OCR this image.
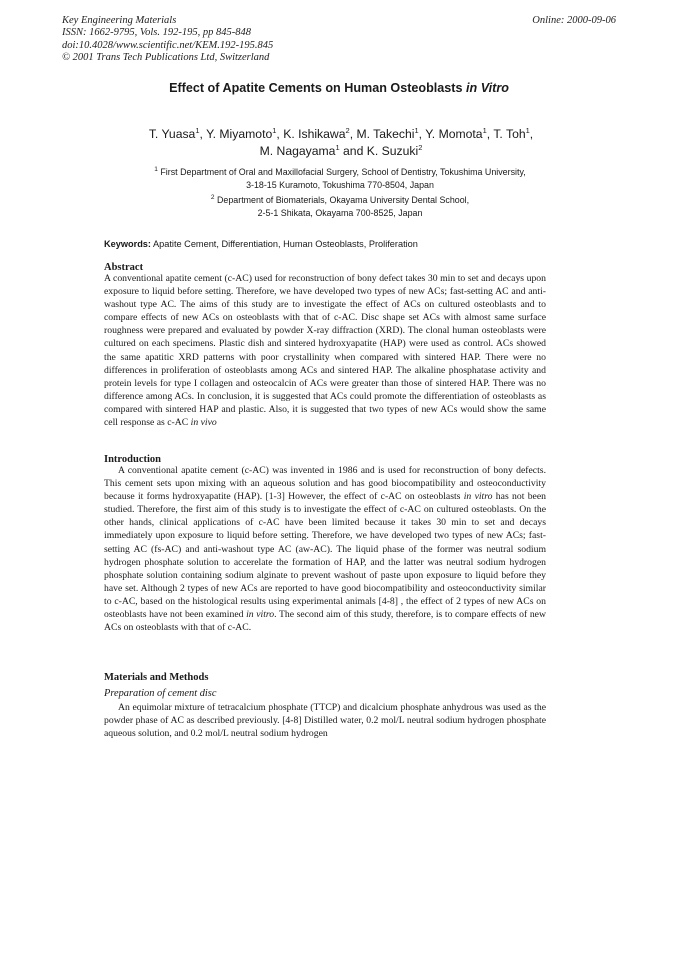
Key Engineering Materials
ISSN: 1662-9795, Vols. 192-195, pp 845-848
doi:10.4028/www.scientific.net/KEM.192-195.845
© 2001 Trans Tech Publications Ltd, Switzerland
Online: 2000-09-06
Effect of Apatite Cements on Human Osteoblasts in Vitro
T. Yuasa$^1$, Y. Miyamoto$^1$, K. Ishikawa$^2$, M. Takechi$^1$, Y. Momota$^1$, T. Toh$^1$,
M. Nagayama$^1$ and K. Suzuki$^2$
$^1$ First Department of Oral and Maxillofacial Surgery, School of Dentistry, Tokushima University,
3-18-15 Kuramoto, Tokushima 770-8504, Japan
$^2$ Department of Biomaterials, Okayama University Dental School,
2-5-1 Shikata, Okayama 700-8525, Japan
Keywords: Apatite Cement, Differentiation, Human Osteoblasts, Proliferation
Abstract
A conventional apatite cement (c-AC) used for reconstruction of bony defect takes 30 min to set and decays upon exposure to liquid before setting. Therefore, we have developed two types of new ACs; fast-setting AC and anti-washout type AC. The aims of this study are to investigate the effect of ACs on cultured osteoblasts and to compare effects of new ACs on osteoblasts with that of c-AC. Disc shape set ACs with almost same surface roughness were prepared and evaluated by powder X-ray diffraction (XRD). The clonal human osteoblasts were cultured on each specimens. Plastic dish and sintered hydroxyapatite (HAP) were used as control. ACs showed the same apatitic XRD patterns with poor crystallinity when compared with sintered HAP. There were no differences in proliferation of osteoblasts among ACs and sintered HAP. The alkaline phosphatase activity and protein levels for type I collagen and osteocalcin of ACs were greater than those of sintered HAP. There was no difference among ACs. In conclusion, it is suggested that ACs could promote the differentiation of osteoblasts as compared with sintered HAP and plastic. Also, it is suggested that two types of new ACs would show the same cell response as c-AC in vivo
Introduction
A conventional apatite cement (c-AC) was invented in 1986 and is used for reconstruction of bony defects. This cement sets upon mixing with an aqueous solution and has good biocompatibility and osteoconductivity because it forms hydroxyapatite (HAP). [1-3] However, the effect of c-AC on osteoblasts in vitro has not been studied. Therefore, the first aim of this study is to investigate the effect of c-AC on cultured osteoblasts. On the other hands, clinical applications of c-AC have been limited because it takes 30 min to set and decays immediately upon exposure to liquid before setting. Therefore, we have developed two types of new ACs; fast-setting AC (fs-AC) and anti-washout type AC (aw-AC). The liquid phase of the former was neutral sodium hydrogen phosphate solution to accerelate the formation of HAP, and the latter was neutral sodium hydrogen phosphate solution containing sodium alginate to prevent washout of paste upon exposure to liquid before they have set. Although 2 types of new ACs are reported to have good biocompatibility and osteoconductivity similar to c-AC, based on the histological results using experimental animals [4-8] , the effect of 2 types of new ACs on osteoblasts have not been examined in vitro. The second aim of this study, therefore, is to compare effects of new ACs on osteoblasts with that of c-AC.
Materials and Methods
Preparation of cement disc
An equimolar mixture of tetracalcium phosphate (TTCP) and dicalcium phosphate anhydrous was used as the powder phase of AC as described previously. [4-8] Distilled water, 0.2 mol/L neutral sodium hydrogen phosphate aqueous solution, and 0.2 mol/L neutral sodium hydrogen
